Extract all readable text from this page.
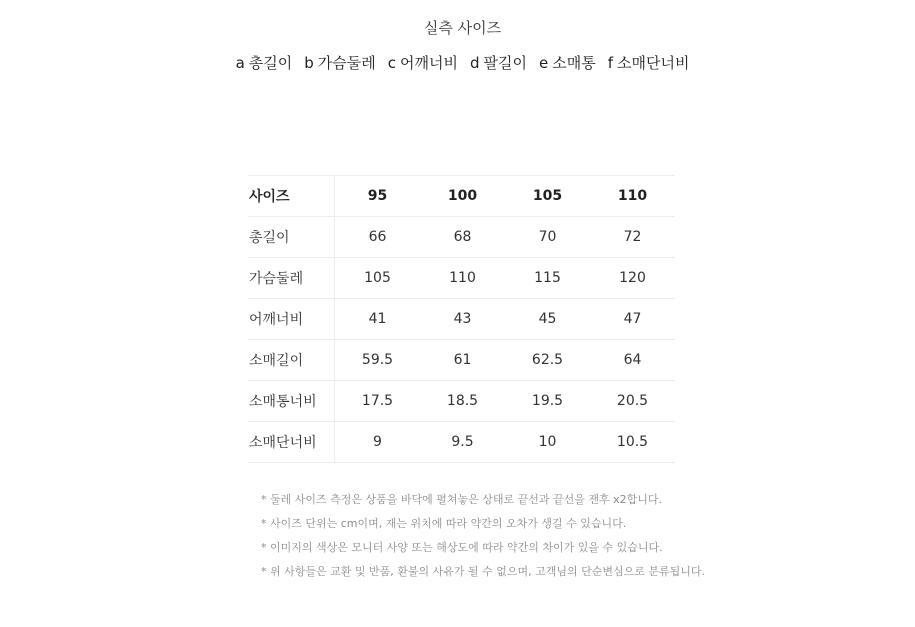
실측 사이즈
a 총길이 b 가슴둘레 c 어깨너비 d 팔길이 e 소매통 f 소매단너비
사이즈	95	100	105	110
총길이	66	68	70	72
가슴둘레	105	110	115	120
어깨너비	41	43	45	47
소매길이	59.5	61	62.5	64
소매통너비	17.5	18.5	19.5	20.5
소매단너비	9	9.5	10	10.5
* 둘레 사이즈 측정은 상품을 바닥에 펼쳐놓은 상태로 끝선과 끝선을 잰후 x2합니다.
* 사이즈 단위는 cm이며, 재는 위치에 따라 약간의 오차가 생길 수 있습니다.
* 이미지의 색상은 모니터 사양 또는 해상도에 따라 약간의 차이가 있을 수 있습니다.
* 위 사항들은 교환 및 반품, 환불의 사유가 될 수 없으며, 고객님의 단순변심으로 분류됩니다.
